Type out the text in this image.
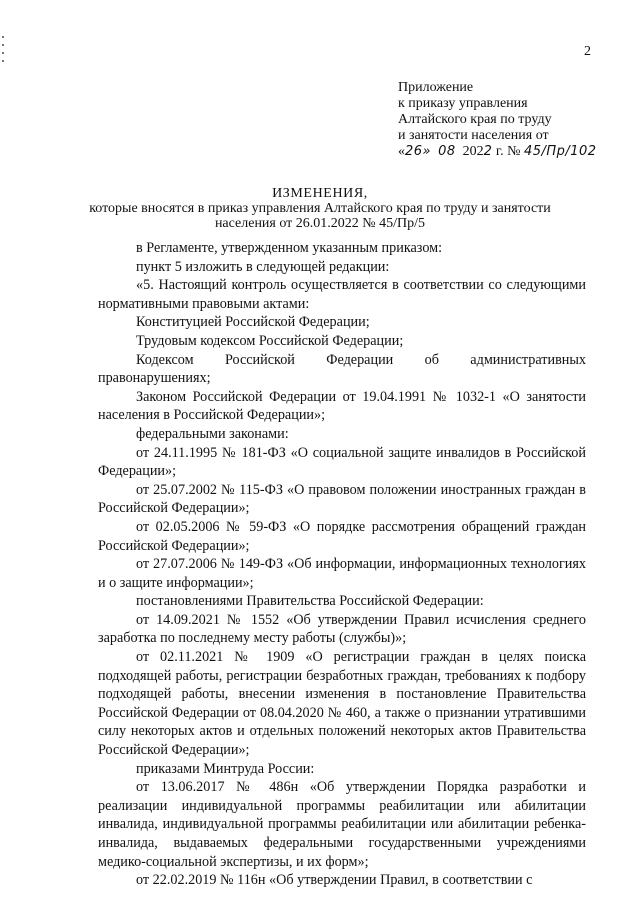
2
Приложение
к приказу управления
Алтайского края по труду
и занятости населения от
«26» 08 2022 г. № 45/Пр/102
ИЗМЕНЕНИЯ,
которые вносятся в приказ управления Алтайского края по труду и занятости
населения от 26.01.2022 № 45/Пр/5

в Регламенте, утвержденном указанным приказом:

пункт 5 изложить в следующей редакции:

«5. Настоящий контроль осуществляется в соответствии со следующими нормативными правовыми актами:

Конституцией Российской Федерации;

Трудовым кодексом Российской Федерации;

Кодексом Российской Федерации об административных правонарушениях;

Законом Российской Федерации от 19.04.1991 № 1032-1 «О занятости населения в Российской Федерации»;

федеральными законами:

от 24.11.1995 № 181-ФЗ «О социальной защите инвалидов в Российской Федерации»;

от 25.07.2002 № 115-ФЗ «О правовом положении иностранных граждан в Российской Федерации»;

от 02.05.2006 № 59-ФЗ «О порядке рассмотрения обращений граждан Российской Федерации»;

от 27.07.2006 № 149-ФЗ «Об информации, информационных технологиях и о защите информации»;

постановлениями Правительства Российской Федерации:

от 14.09.2021 № 1552 «Об утверждении Правил исчисления среднего заработка по последнему месту работы (службы)»;

от 02.11.2021 № 1909 «О регистрации граждан в целях поиска подходящей работы, регистрации безработных граждан, требованиях к подбору подходящей работы, внесении изменения в постановление Правительства Российской Федерации от 08.04.2020 № 460, а также о признании утратившими силу некоторых актов и отдельных положений некоторых актов Правительства Российской Федерации»;

приказами Минтруда России:

от 13.06.2017 № 486н «Об утверждении Порядка разработки и реализации индивидуальной программы реабилитации или абилитации инвалида, индивидуальной программы реабилитации или абилитации ребенка-инвалида, выдаваемых федеральными государственными учреждениями медико-социальной экспертизы, и их форм»;

от 22.02.2019 № 116н «Об утверждении Правил, в соответствии с
